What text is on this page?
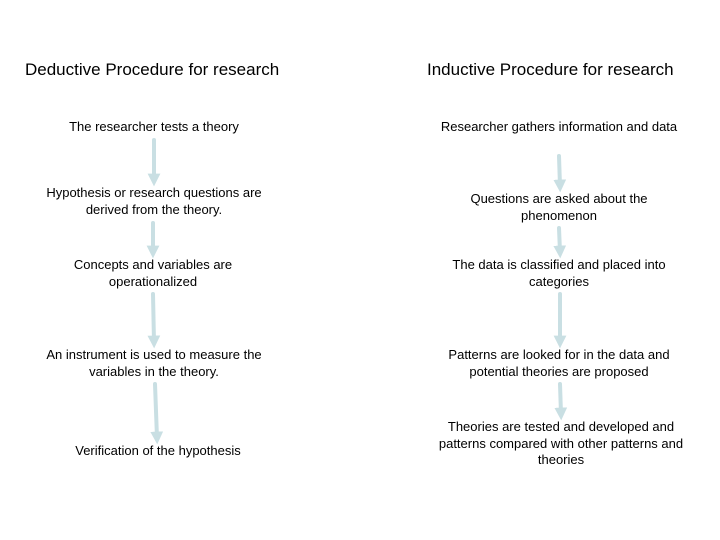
Deductive Procedure for research	Inductive Procedure for research
The researcher tests a theory
Hypothesis or research questions are derived from the theory.
Concepts and variables are operationalized
An instrument is used to measure the variables in the theory.
Verification of the hypothesis
Researcher gathers information and data
Questions are asked about the phenomenon
The data is classified and placed into categories
Patterns are looked for in the data and potential theories are proposed
Theories are tested and developed and patterns compared with other patterns and theories
